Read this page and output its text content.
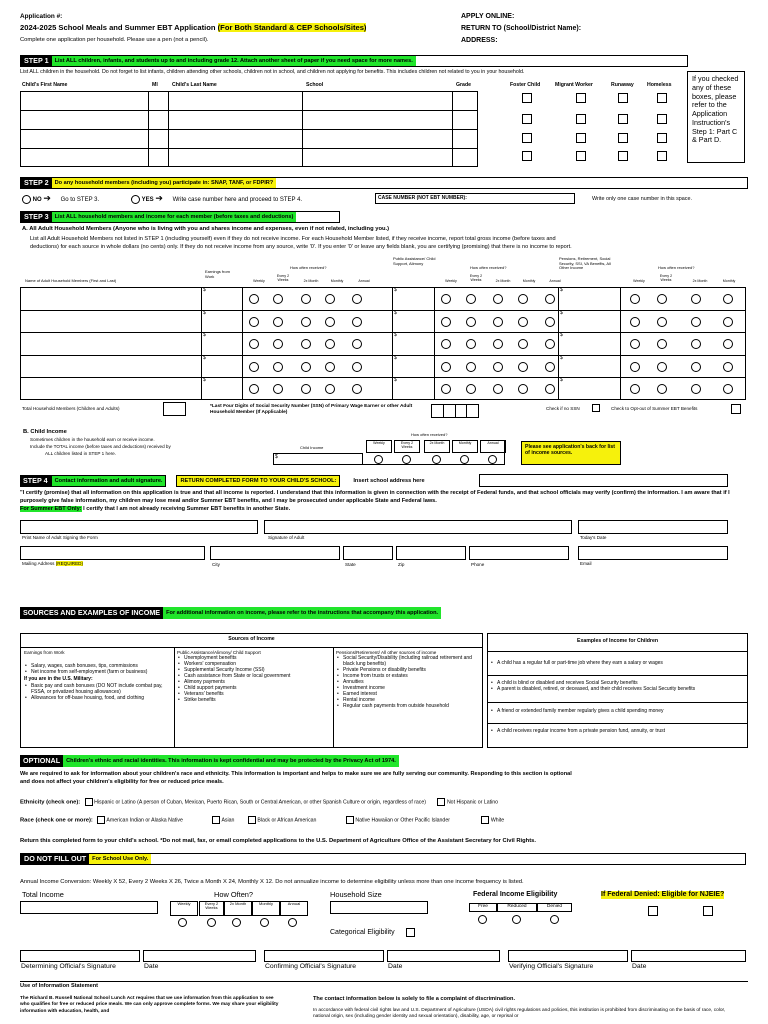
Application #:
2024-2025 School Meals and Summer EBT Application (For Both Standard & CEP Schools/Sites)
Complete one application per household. Please use a pen (not a pencil).
APPLY ONLINE:
RETURN TO (School/District Name):
ADDRESS:
STEP 1	List ALL children, infants, and students up to and including grade 12. Attach another sheet of paper if you need space for more names.
List ALL children in the household. Do not forget to list infants, children attending other schools, children not in school, and children not applying for benefits. This includes children not related to you in your household.
Child's First Name	MI	Child's Last Name	School	Grade

					Foster Child	Migrant Worker	Runaway	Homeless
If you checked any of these boxes, please refer to the Application Instruction's Step 1: Part C & Part D.
STEP 2	Do any household members (including you) participate in: SNAP, TANF, or FDPIR?
NO ➔ Go to STEP 3.	YES ➔ Write case number here and proceed to STEP 4.	CASE NUMBER (NOT EBT NUMBER):	Write only one case number in this space.
STEP 3	List ALL household members and income for each member (before taxes and deductions)
A. All Adult Household Members (Anyone who is living with you and shares income and expenses, even if not related, including you.)
List all Adult Household Members not listed in STEP 1 (including yourself) even if they do not receive income. For each Household Member listed, if they receive income, report total gross income (before taxes and
deductions) for each source in whole dollars (no cents) only. If they do not receive income from any source, write '0'. If you enter '0' or leave any fields blank, you are certifying (promising) that there is no income to report.
Name of Adult Household Members (First and Last)
Earnings from Work
Public Assistance/ Child Support, Alimony
Pensions, Retirement, Social Security, SSI, VA Benefits, All Other Income
How often received?
Weekly
Every 2 Weeks	2x Month	Monthly	Annual
How often received?
Weekly
Every 2 Weeks	2x Month	Monthly	Annual
How often received?
Weekly
Every 2 Weeks	2x Month	Monthly
$	$	$
$	$	$
$	$	$
$	$	$
$	$	$
Total Household Members (Children and Adults)	*Last Four Digits of Social Security Number (SSN) of Primary Wage Earner or other Adult Household Member (If Applicable)
Check if no SSN	Check to Opt-out of Summer EBT Benefits
B. Child Income
Sometimes children in the household earn or receive income.
Include the TOTAL income (before taxes and deductions) received by
ALL children listed in STEP 1 here.
Child Income
How often received?
$
Weekly	Every 2 Weeks
2x Month	Monthly	Annual
Please see application's back for list of income sources.
STEP 4	Contact information and adult signature.	RETURN COMPLETED FORM TO YOUR CHILD'S SCHOOL:	Insert school address here
"I certify (promise) that all information on this application is true and that all income is reported. I understand that this information is given in connection with the receipt of Federal funds, and that school officials may verify (confirm) the information. I am aware that if I purposely give false information, my children may lose meal and/or Summer EBT benefits, and I may be prosecuted under applicable State and Federal laws.
For Summer EBT Only: I certify that I am not already receiving Summer EBT benefits in another State.
Print Name of Adult Signing the Form	Signature of Adult	Today's Date
Mailing Address (REQUIRED)	City	State	Zip	Phone	Email
SOURCES AND EXAMPLES OF INCOME	For additional information on income, please refer to the instructions that accompany this application.
Sources of Income
Earnings from Work
• Salary, wages, cash bonuses, tips, commissions
• Net income from self-employment (farm or business)
If you are in the U.S. Military:
• Basic pay and cash bonuses (DO NOT include combat pay, FSSA, or privatized housing allowances)
• Allowances for off-base housing, food, and clothing
Public Assistance/Alimony/ Child Support
• Unemployment benefits
• Workers' compensation
• Supplemental Security Income (SSI)
• Cash assistance from State or local government
• Alimony payments
• Child support payments
• Veterans' benefits
• Strike benefits
Pensions/Retirement/ All other sources of income
• Social Security/Disability (including railroad retirement and black lung benefits)
• Private Pensions or disability benefits
• Income from trusts or estates
• Annuities
• Investment income
• Earned interest
• Rental income
• Regular cash payments from outside household
Examples of Income for Children
• A child has a regular full or part-time job where they earn a salary or wages
• A child is blind or disabled and receives Social Security benefits
• A parent is disabled, retired, or deceased, and their child receives Social Security benefits
• A friend or extended family member regularly gives a child spending money
• A child receives regular income from a private pension fund, annuity, or trust
OPTIONAL	Children's ethnic and racial identities. This information is kept confidential and may be protected by the Privacy Act of 1974.
We are required to ask for information about your children's race and ethnicity. This information is important and helps to make sure we are fully serving our community. Responding to this section is optional
and does not affect your children's eligibility for free or reduced price meals.
Ethnicity (check one):	Hispanic or Latino (A person of Cuban, Mexican, Puerto Rican, South or Central American, or other Spanish Culture or origin, regardless of race)	Not Hispanic or Latino
Race (check one or more):	American Indian or Alaska Native	Asian	Black or African American	Native Hawaiian or Other Pacific Islander	White
Return this completed form to your child's school. *Do not mail, fax, or email completed applications to the U.S. Department of Agriculture Office of the Assistant Secretary for Civil Rights.
DO NOT FILL OUT	For School Use Only.
Annual Income Conversion: Weekly X 52, Every 2 Weeks X 26, Twice a Month X 24, Monthly X 12. Do not annualize income to determine eligibility unless more than one income frequency is listed.
Total Income	How Often?
Weekly	Every 2 Weeks
2x Month	Monthly	Annual
Household Size	Federal Income Eligibility
Free	Reduced	Denied
If Federal Denied: Eligible for NJEIE?
Categorical Eligibility
Determining Official's Signature	Date	Confirming Official's Signature	Date	Verifying Official's Signature	Date
Use of Information Statement
The Richard B. Russell National School Lunch Act requires that we use information from this application to see who qualifies for free or reduced price meals. We can only approve complete forms. We may share your eligibility information with education, health, and
The contact information below is solely to file a complaint of discrimination.
In accordance with federal civil rights law and U.S. Department of Agriculture (USDA) civil rights regulations and policies, this institution is prohibited from discriminating on the basis of race, color, national origin, sex (including gender identity and sexual orientation), disability, age, or reprisal or
